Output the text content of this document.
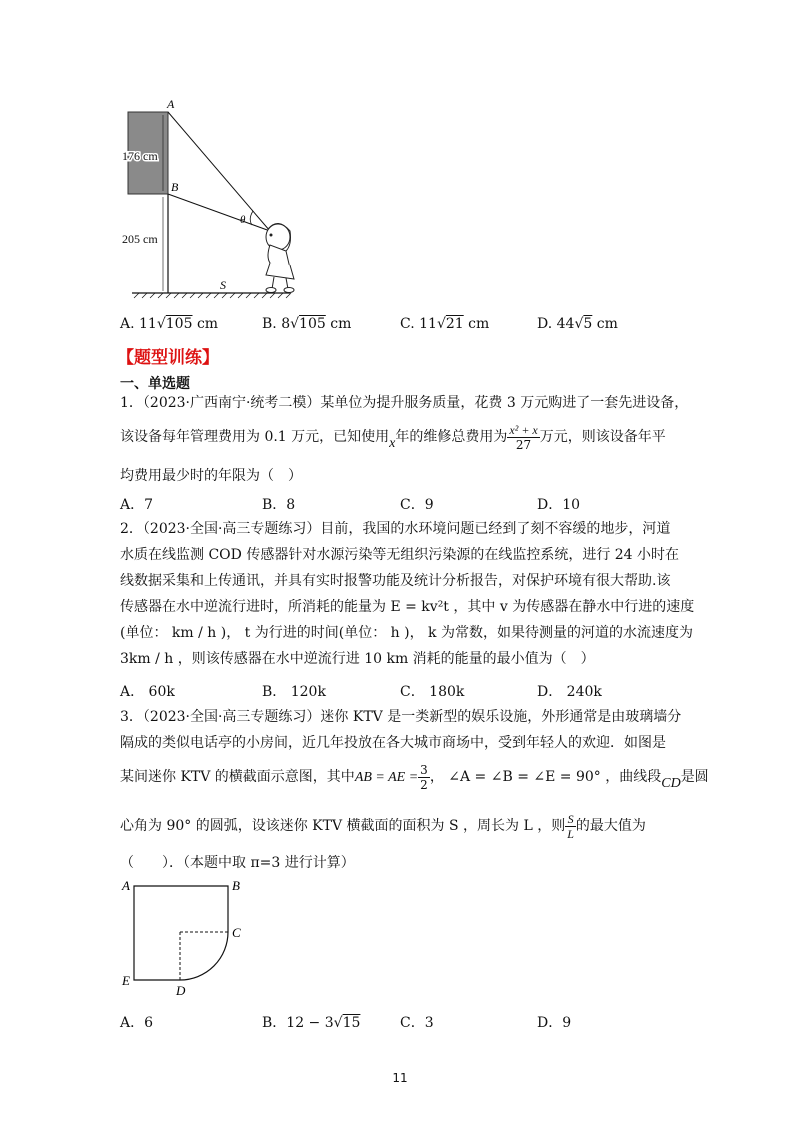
A
B
θ
S
176 cm
205 cm
A. 11√105 cm	B. 8√105 cm	C. 11√21 cm	D. 44√5 cm
【题型训练】
一、单选题
1．（2023·广西南宁·统考二模）某单位为提升服务质量，花费 3 万元购进了一套先进设备，
该设备每年管理费用为 0.1 万元，已知使用x年的维修总费用为 $\frac{\text{x² + x}}{27}$ 万元，则该设备年平
均费用最少时的年限为（　）
A．7	B．8	C．9	D．10
2．（2023·全国·高三专题练习）目前，我国的水环境问题已经到了刻不容缓的地步，河道
水质在线监测 COD 传感器针对水源污染等无组织污染源的在线监控系统，进行 24 小时在
线数据采集和上传通讯，并具有实时报警功能及统计分析报告，对保护环境有很大帮助.该
传感器在水中逆流行进时，所消耗的能量为 E = kv²t ，其中 v 为传感器在静水中行进的速度
(单位： km / h )， t 为行进的时间(单位： h )， k 为常数，如果待测量的河道的水流速度为
3km / h ，则该传感器在水中逆流行进 10 km 消耗的能量的最小值为（　）
A． 60k	B． 120k	C． 180k	D． 240k
3．（2023·全国·高三专题练习）迷你 KTV 是一类新型的娱乐设施，外形通常是由玻璃墙分
隔成的类似电话亭的小房间，近几年投放在各大城市商场中，受到年轻人的欢迎．如图是
某间迷你 KTV 的横截面示意图，其中AB = AE = $\frac{3}{2}$ ， ∠A = ∠B = ∠E = 90° ，曲线段CD是圆
心角为 90° 的圆弧，设该迷你 KTV 横截面的面积为 S ，周长为 L ，则 $\frac{S}{L}$ 的最大值为
（　　）．（本题中取 π=3 进行计算）
A	B
C
D
E
A．6	B．12 − 3√15	C．3	D．9
11
